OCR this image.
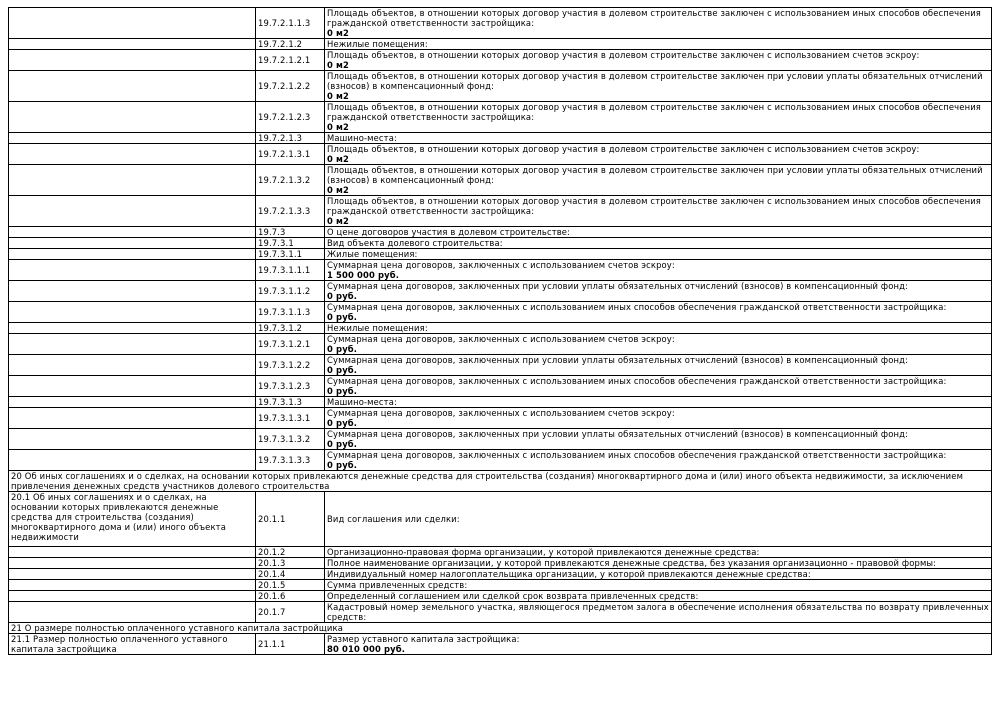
	19.7.2.1.1.3	Площадь объектов, в отношении которых договор участия в долевом строительстве заключен с использованием иных способов обеспечения гражданской ответственности застройщика:
0 м2

	19.7.2.1.2	Нежилые помещения:

	19.7.2.1.2.1	Площадь объектов, в отношении которых договор участия в долевом строительстве заключен с использованием счетов эскроу:
0 м2

	19.7.2.1.2.2	Площадь объектов, в отношении которых договор участия в долевом строительстве заключен при условии уплаты обязательных отчислений (взносов) в компенсационный фонд:
0 м2

	19.7.2.1.2.3	Площадь объектов, в отношении которых договор участия в долевом строительстве заключен с использованием иных способов обеспечения гражданской ответственности застройщика:
0 м2

	19.7.2.1.3	Машино-места:

	19.7.2.1.3.1	Площадь объектов, в отношении которых договор участия в долевом строительстве заключен с использованием счетов эскроу:
0 м2

	19.7.2.1.3.2	Площадь объектов, в отношении которых договор участия в долевом строительстве заключен при условии уплаты обязательных отчислений (взносов) в компенсационный фонд:
0 м2

	19.7.2.1.3.3	Площадь объектов, в отношении которых договор участия в долевом строительстве заключен с использованием иных способов обеспечения гражданской ответственности застройщика:
0 м2

	19.7.3	О цене договоров участия в долевом строительстве:

	19.7.3.1	Вид объекта долевого строительства:

	19.7.3.1.1	Жилые помещения:

	19.7.3.1.1.1	Суммарная цена договоров, заключенных с использованием счетов эскроу:
1 500 000 руб.

	19.7.3.1.1.2	Суммарная цена договоров, заключенных при условии уплаты обязательных отчислений (взносов) в компенсационный фонд:
0 руб.

	19.7.3.1.1.3	Суммарная цена договоров, заключенных с использованием иных способов обеспечения гражданской ответственности застройщика:
0 руб.

	19.7.3.1.2	Нежилые помещения:

	19.7.3.1.2.1	Суммарная цена договоров, заключенных с использованием счетов эскроу:
0 руб.

	19.7.3.1.2.2	Суммарная цена договоров, заключенных при условии уплаты обязательных отчислений (взносов) в компенсационный фонд:
0 руб.

	19.7.3.1.2.3	Суммарная цена договоров, заключенных с использованием иных способов обеспечения гражданской ответственности застройщика:
0 руб.

	19.7.3.1.3	Машино-места:

	19.7.3.1.3.1	Суммарная цена договоров, заключенных с использованием счетов эскроу:
0 руб.

	19.7.3.1.3.2	Суммарная цена договоров, заключенных при условии уплаты обязательных отчислений (взносов) в компенсационный фонд:
0 руб.

	19.7.3.1.3.3	Суммарная цена договоров, заключенных с использованием иных способов обеспечения гражданской ответственности застройщика:
0 руб.

20 Об иных соглашениях и о сделках, на основании которых привлекаются денежные средства для строительства (создания) многоквартирного дома и (или) иного объекта недвижимости, за исключением привлечения денежных средств участников долевого строительства		
20.1 Об иных соглашениях и о сделках, на основании которых привлекаются денежные средства для строительства (создания) многоквартирного дома и (или) иного объекта недвижимости	20.1.1	Вид соглашения или сделки:
	20.1.2	Организационно-правовая форма организации, у которой привлекаются денежные средства:
	20.1.3	Полное наименование организации, у которой привлекаются денежные средства, без указания организационно - правовой формы:
	20.1.4	Индивидуальный номер налогоплательщика организации, у которой привлекаются денежные средства:
	20.1.5	Сумма привлеченных средств:
	20.1.6	Определенный соглашением или сделкой срок возврата привлеченных средств:
	20.1.7	Кадастровый номер земельного участка, являющегося предметом залога в обеспечение исполнения обязательства по возврату привлеченных средств:
21 О размере полностью оплаченного уставного капитала застройщика		
21.1 Размер полностью оплаченного уставного капитала застройщика	21.1.1	Размер уставного капитала застройщика:
80 010 000 руб.
